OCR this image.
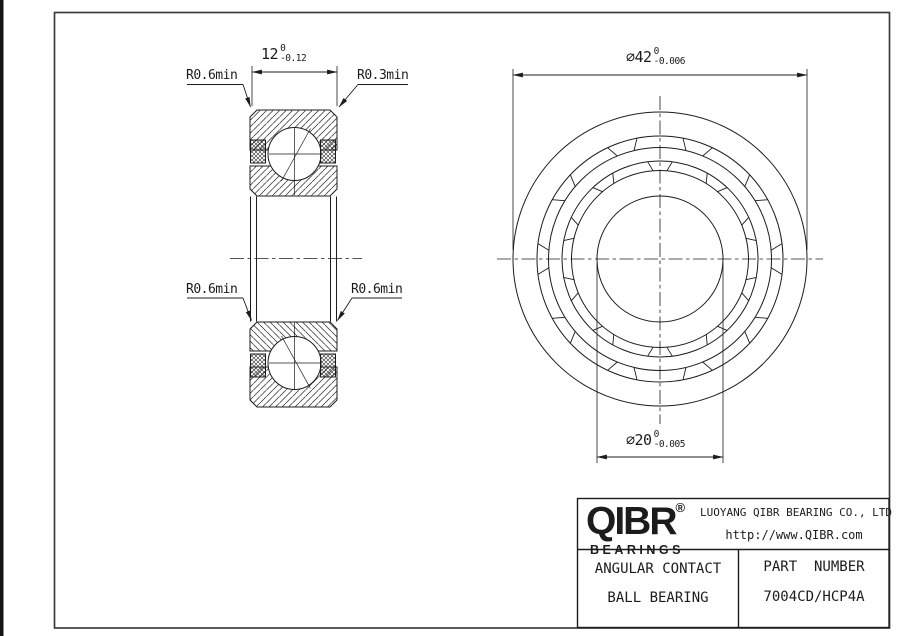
12 0
-0.12	⌀42 0
-0.006
⌀20 0
-0.005
R0.6min	R0.3min
R0.6min	R0.6min
QIBR®
BEARINGS
LUOYANG QIBR BEARING CO., LTD
http://www.QIBR.com
ANGULAR CONTACT
BALL BEARING
PART  NUMBER
7004CD/HCP4A
